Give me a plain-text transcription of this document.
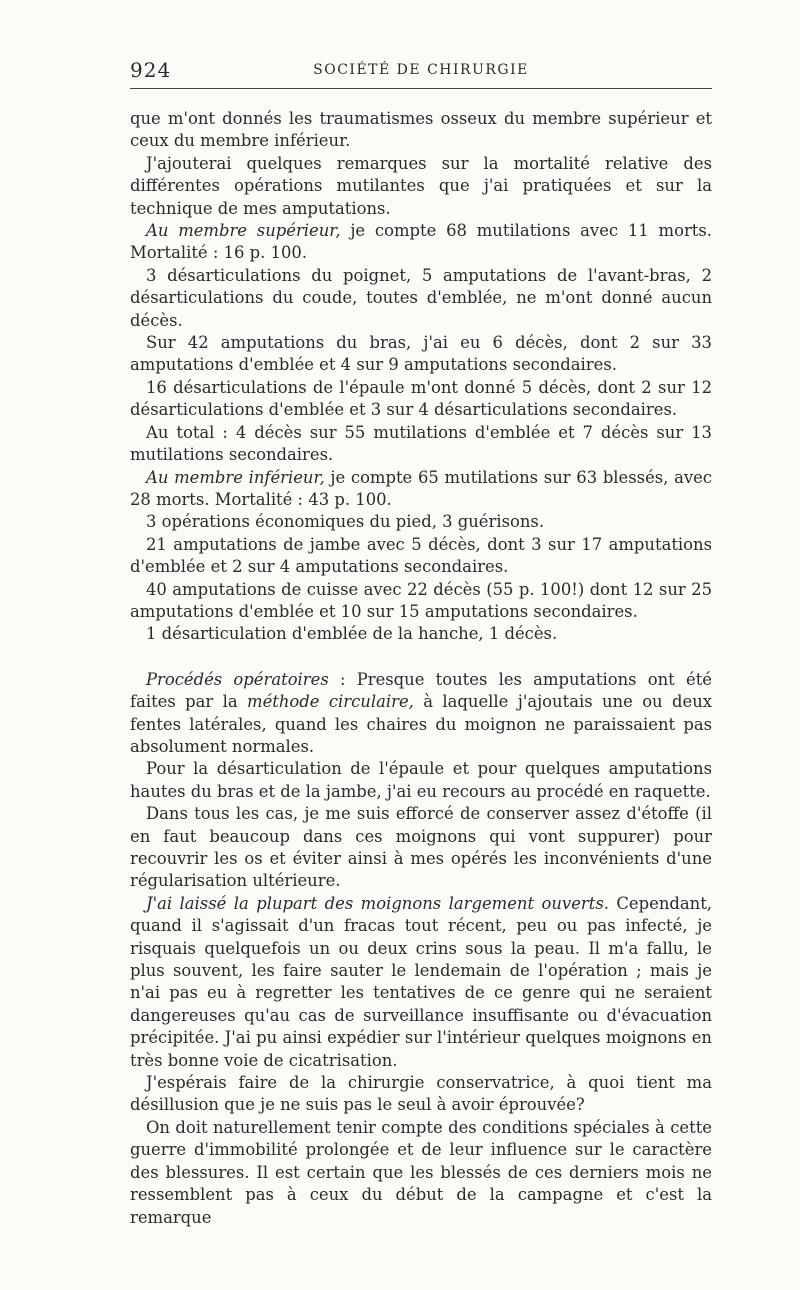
924	SOCIÉTÉ DE CHIRURGIE

que m'ont donnés les traumatismes osseux du membre supérieur et ceux du membre inférieur.

J'ajouterai quelques remarques sur la mortalité relative des différentes opérations mutilantes que j'ai pratiquées et sur la technique de mes amputations.

Au membre supérieur, je compte 68 mutilations avec 11 morts. Mortalité : 16 p. 100.

3 désarticulations du poignet, 5 amputations de l'avant-bras, 2 désarticulations du coude, toutes d'emblée, ne m'ont donné aucun décès.

Sur 42 amputations du bras, j'ai eu 6 décès, dont 2 sur 33 amputations d'emblée et 4 sur 9 amputations secondaires.

16 désarticulations de l'épaule m'ont donné 5 décès, dont 2 sur 12 désarticulations d'emblée et 3 sur 4 désarticulations secondaires.

Au total : 4 décès sur 55 mutilations d'emblée et 7 décès sur 13 mutilations secondaires.

Au membre inférieur, je compte 65 mutilations sur 63 blessés, avec 28 morts. Mortalité : 43 p. 100.

3 opérations économiques du pied, 3 guérisons.

21 amputations de jambe avec 5 décès, dont 3 sur 17 amputations d'emblée et 2 sur 4 amputations secondaires.

40 amputations de cuisse avec 22 décès (55 p. 100!) dont 12 sur 25 amputations d'emblée et 10 sur 15 amputations secondaires.

1 désarticulation d'emblée de la hanche, 1 décès.

Procédés opératoires : Presque toutes les amputations ont été faites par la méthode circulaire, à laquelle j'ajoutais une ou deux fentes latérales, quand les chaires du moignon ne paraissaient pas absolument normales.

Pour la désarticulation de l'épaule et pour quelques amputations hautes du bras et de la jambe, j'ai eu recours au procédé en raquette.

Dans tous les cas, je me suis efforcé de conserver assez d'étoffe (il en faut beaucoup dans ces moignons qui vont suppurer) pour recouvrir les os et éviter ainsi à mes opérés les inconvénients d'une régularisation ultérieure.

J'ai laissé la plupart des moignons largement ouverts. Cependant, quand il s'agissait d'un fracas tout récent, peu ou pas infecté, je risquais quelquefois un ou deux crins sous la peau. Il m'a fallu, le plus souvent, les faire sauter le lendemain de l'opération ; mais je n'ai pas eu à regretter les tentatives de ce genre qui ne seraient dangereuses qu'au cas de surveillance insuffisante ou d'évacuation précipitée. J'ai pu ainsi expédier sur l'intérieur quelques moignons en très bonne voie de cicatrisation.

J'espérais faire de la chirurgie conservatrice, à quoi tient ma désillusion que je ne suis pas le seul à avoir éprouvée?

On doit naturellement tenir compte des conditions spéciales à cette guerre d'immobilité prolongée et de leur influence sur le caractère des blessures. Il est certain que les blessés de ces derniers mois ne ressemblent pas à ceux du début de la campagne et c'est la remarque
